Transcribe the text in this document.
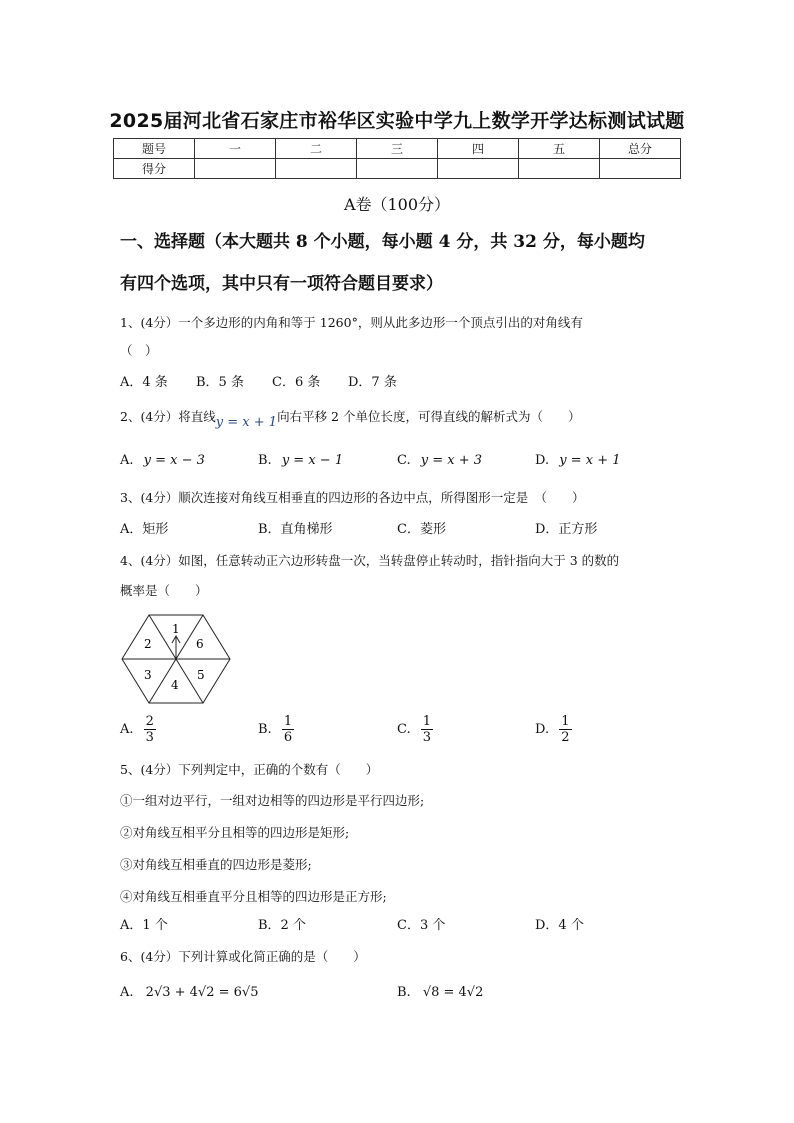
2025届河北省石家庄市裕华区实验中学九上数学开学达标测试试题
题号	一	二	三	四	五	总分
得分						
A卷（100分）
一、选择题（本大题共 8 个小题，每小题 4 分，共 32 分，每小题均
有四个选项，其中只有一项符合题目要求）
1、(4分）一个多边形的内角和等于 1260°，则从此多边形一个顶点引出的对角线有
（　）
A．4 条 B．5 条 C．6 条 D．7 条
2、(4分）将直线y = x + 1向右平移 2 个单位长度，可得直线的解析式为（　　）
A. y = x − 3	B. y = x − 1	C. y = x + 3	D. y = x + 1
3、(4分）顺次连接对角线互相垂直的四边形的各边中点，所得图形一定是　（　　）
A．矩形	B．直角梯形	C．菱形	D．正方形
4、(4分）如图，任意转动正六边形转盘一次，当转盘停止转动时，指针指向大于 3 的数的
概率是（　　）
1
2
3
4
5
6
A. $\frac{2}{3}$	B. $\frac{1}{6}$	C. $\frac{1}{3}$	D. $\frac{1}{2}$
5、(4分）下列判定中，正确的个数有（　　）
①一组对边平行，一组对边相等的四边形是平行四边形;
②对角线互相平分且相等的四边形是矩形;
③对角线互相垂直的四边形是菱形;
④对角线互相垂直平分且相等的四边形是正方形;
A．1 个	B．2 个	C．3 个	D．4 个
6、(4分）下列计算或化简正确的是（　　）
A. 2√3 + 4√2 = 6√5	B. √8 = 4√2
